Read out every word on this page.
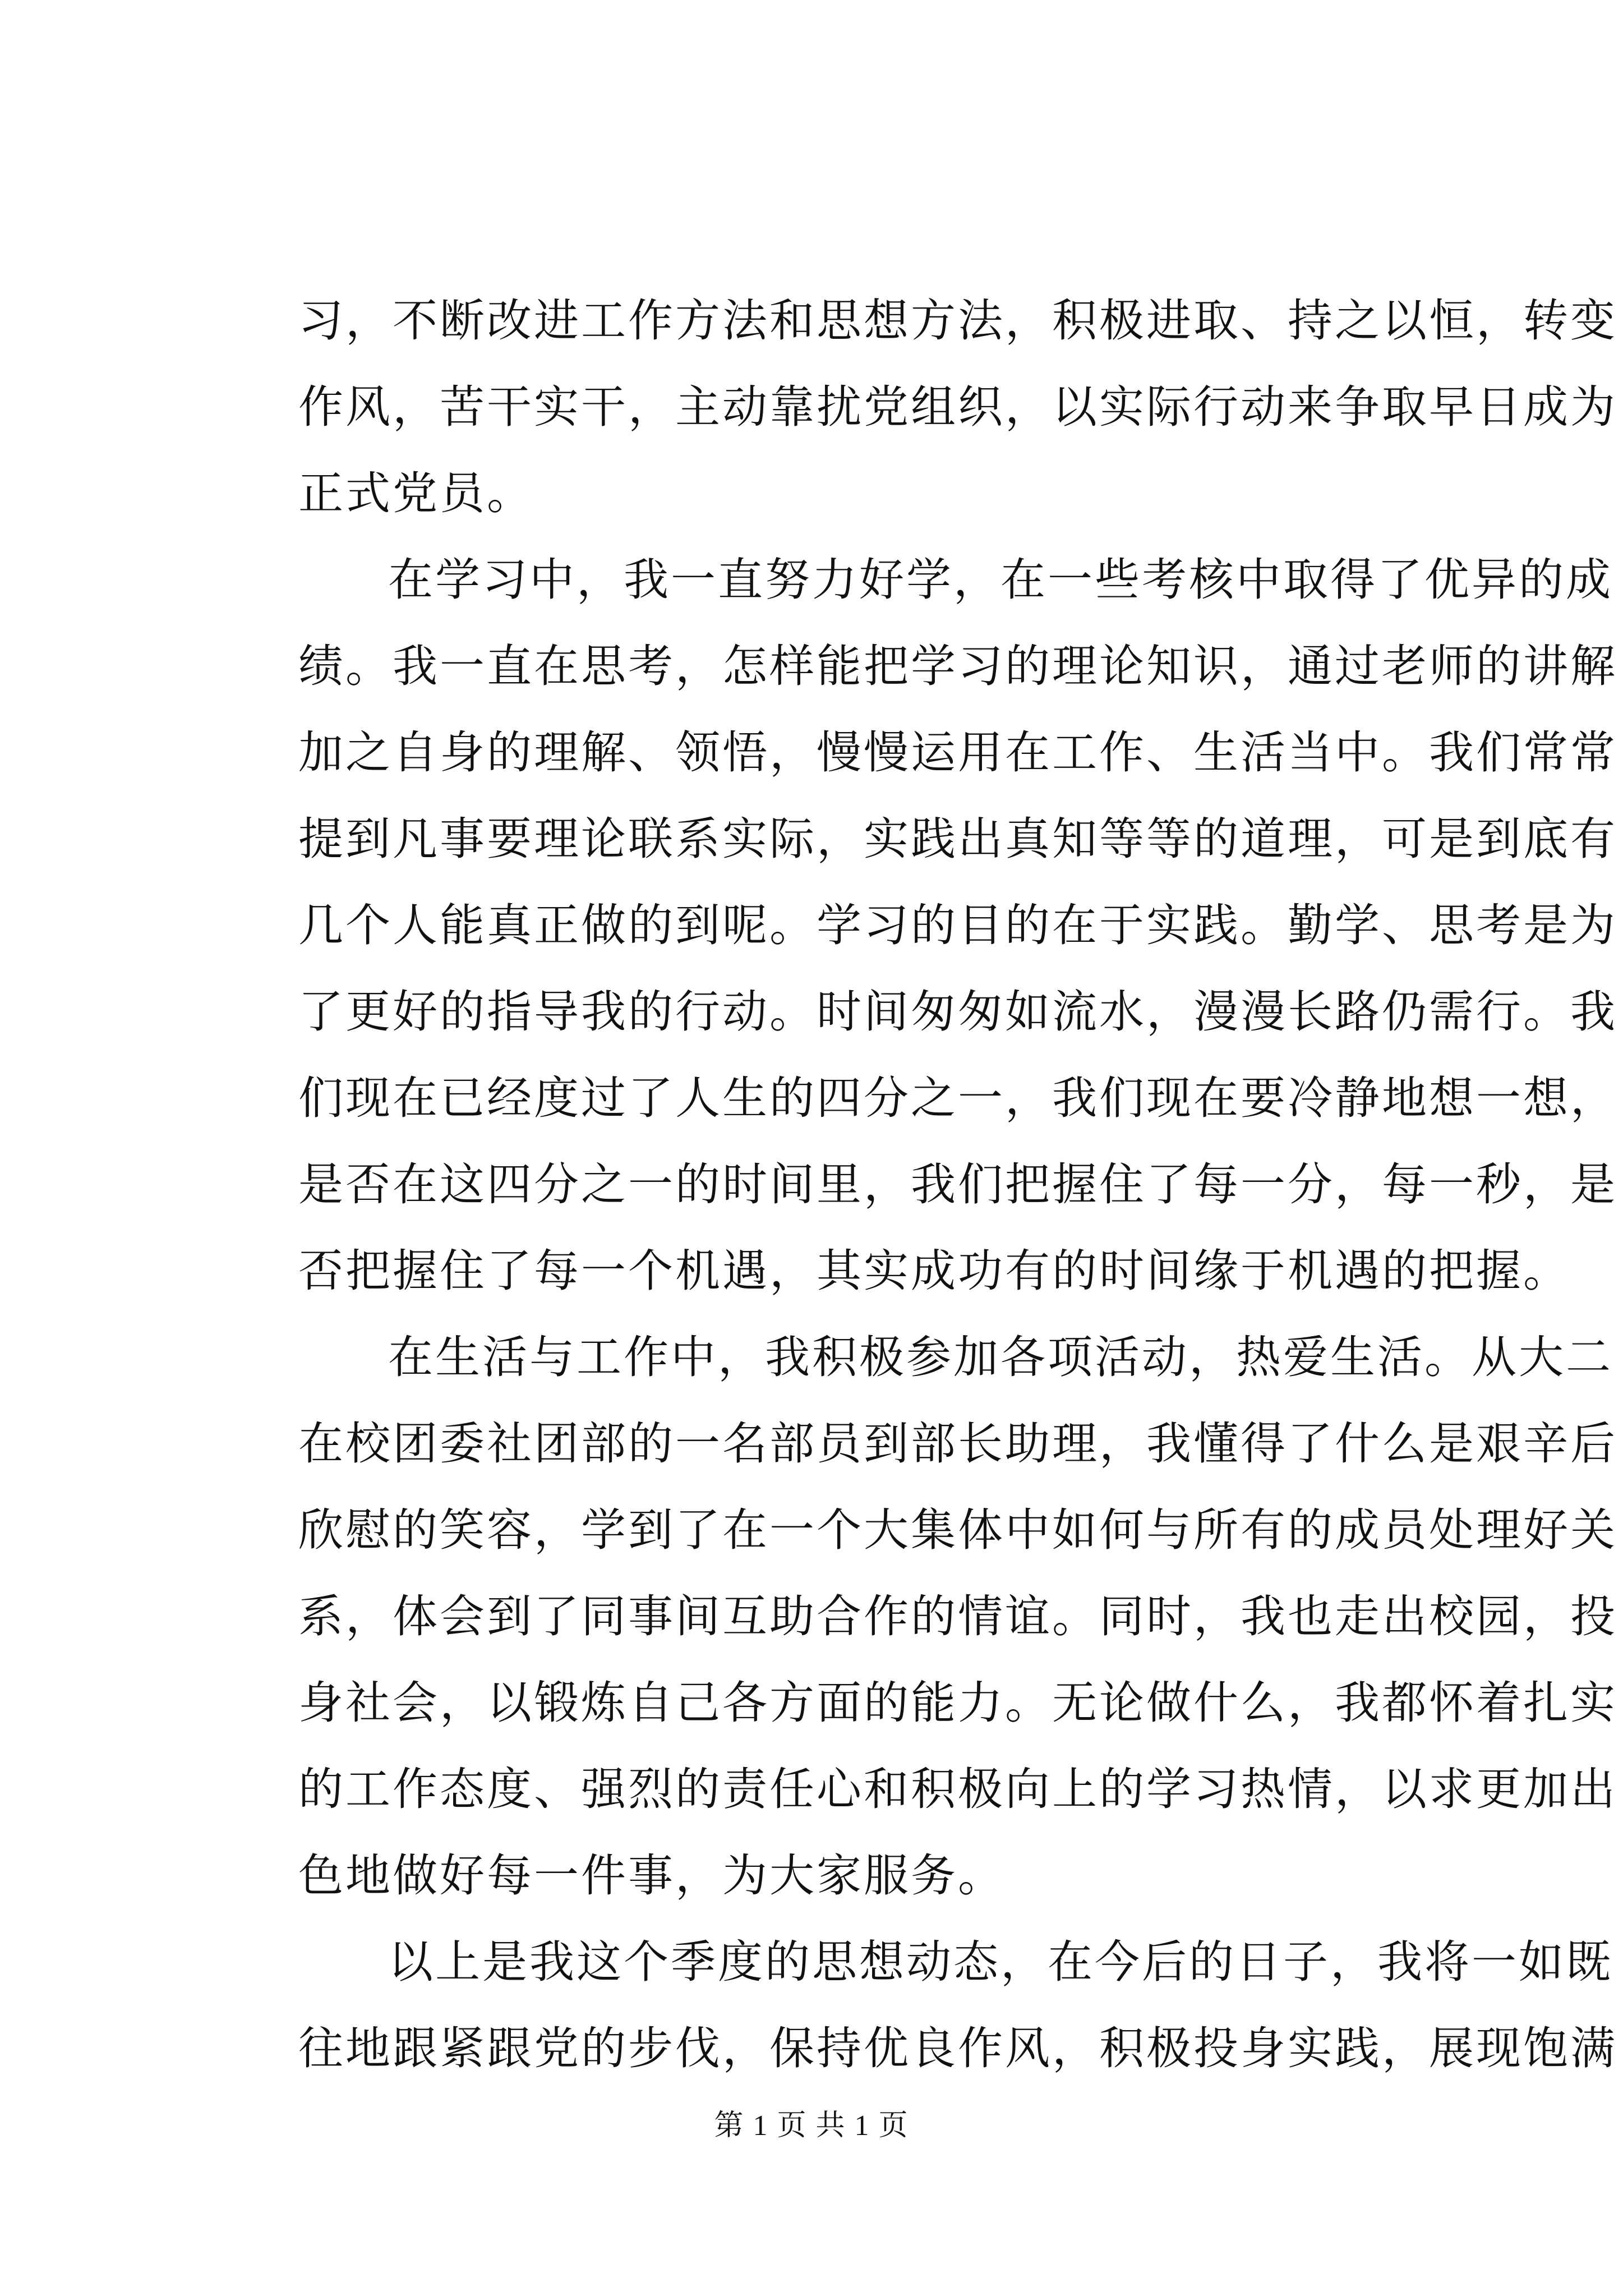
习，不断改进工作方法和思想方法，积极进取、持之以恒，转变
作风，苦干实干，主动靠扰党组织，以实际行动来争取早日成为
正式党员。
在学习中，我一直努力好学，在一些考核中取得了优异的成
绩。我一直在思考，怎样能把学习的理论知识，通过老师的讲解
加之自身的理解、领悟，慢慢运用在工作、生活当中。我们常常
提到凡事要理论联系实际，实践出真知等等的道理，可是到底有
几个人能真正做的到呢。学习的目的在于实践。勤学、思考是为
了更好的指导我的行动。时间匆匆如流水，漫漫长路仍需行。我
们现在已经度过了人生的四分之一，我们现在要冷静地想一想，
是否在这四分之一的时间里，我们把握住了每一分，每一秒，是
否把握住了每一个机遇，其实成功有的时间缘于机遇的把握。
在生活与工作中，我积极参加各项活动，热爱生活。从大二
在校团委社团部的一名部员到部长助理，我懂得了什么是艰辛后
欣慰的笑容，学到了在一个大集体中如何与所有的成员处理好关
系，体会到了同事间互助合作的情谊。同时，我也走出校园，投
身社会，以锻炼自己各方面的能力。无论做什么，我都怀着扎实
的工作态度、强烈的责任心和积极向上的学习热情，以求更加出
色地做好每一件事，为大家服务。
以上是我这个季度的思想动态，在今后的日子，我将一如既
往地跟紧跟党的步伐，保持优良作风，积极投身实践，展现饱满
第 1 页 共 1 页
